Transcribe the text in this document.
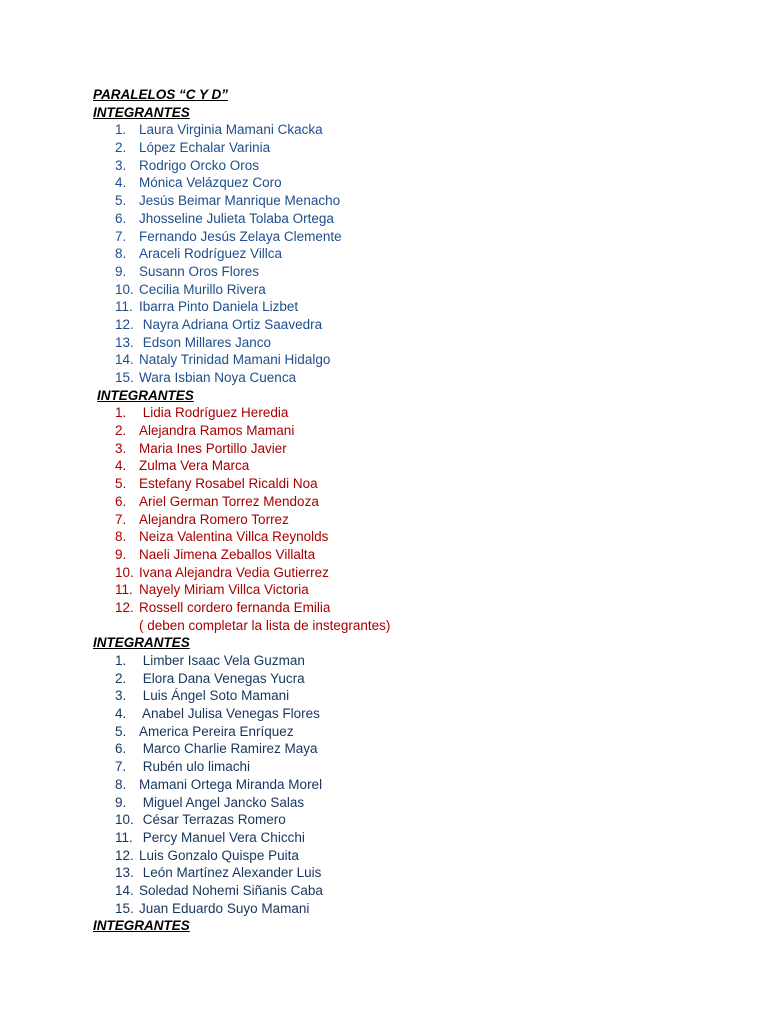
PARALELOS “C Y D”
INTEGRANTES
1. Laura Virginia Mamani Ckacka
2. López Echalar Varinia
3. Rodrigo Orcko Oros
4. Mónica Velázquez Coro
5. Jesús Beimar Manrique Menacho
6. Jhosseline Julieta Tolaba Ortega
7. Fernando Jesús Zelaya Clemente
8. Araceli Rodríguez Villca
9. Susann Oros Flores
10. Cecilia Murillo Rivera
11. Ibarra Pinto Daniela Lizbet
12. Nayra Adriana Ortiz Saavedra
13. Edson Millares Janco
14. Nataly Trinidad Mamani Hidalgo
15. Wara Isbian Noya Cuenca
INTEGRANTES
1. Lidia Rodríguez Heredia
2. Alejandra Ramos Mamani
3. Maria Ines Portillo Javier
4. Zulma Vera Marca
5. Estefany Rosabel Ricaldi Noa
6. Ariel German Torrez Mendoza
7. Alejandra Romero Torrez
8. Neiza Valentina Villca Reynolds
9. Naeli Jimena Zeballos Villalta
10. Ivana Alejandra Vedia Gutierrez
11. Nayely Miriam Villca Victoria
12. Rossell cordero fernanda Emilia
( deben completar la lista de instegrantes)
INTEGRANTES
1. Limber Isaac Vela Guzman
2. Elora Dana Venegas Yucra
3. Luis Ángel Soto Mamani
4. Anabel Julisa Venegas Flores
5. America Pereira Enríquez
6. Marco Charlie Ramirez Maya
7. Rubén ulo limachi
8. Mamani Ortega Miranda Morel
9. Miguel Angel Jancko Salas
10. César Terrazas Romero
11. Percy Manuel Vera Chicchi
12. Luis Gonzalo Quispe Puita
13. León Martínez Alexander Luis
14. Soledad Nohemi Siñanis Caba
15. Juan Eduardo Suyo Mamani
INTEGRANTES
